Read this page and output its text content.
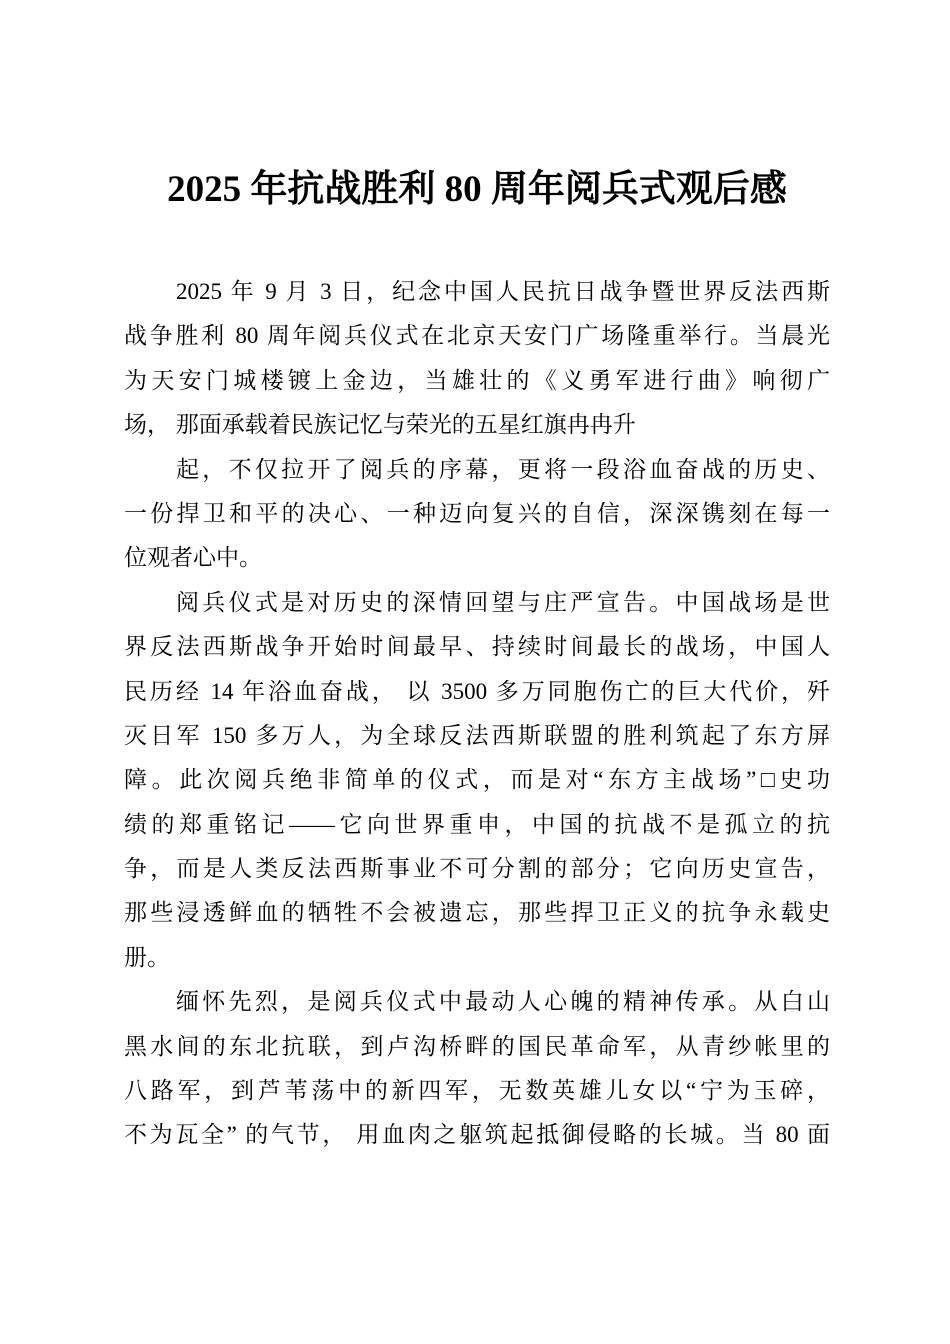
2025 年抗战胜利 80 周年阅兵式观后感
2025 年 9 月 3 日，纪念中国人民抗日战争暨世界反法西斯
战争胜利 80 周年阅兵仪式在北京天安门广场隆重举行。当晨光
为天安门城楼镀上金边，当雄壮的《义勇军进行曲》响彻广
场， 那面承载着民族记忆与荣光的五星红旗冉冉升
起，不仅拉开了阅兵的序幕，更将一段浴血奋战的历史、
一份捍卫和平的决心、一种迈向复兴的自信，深深镌刻在每一
位观者心中。
阅兵仪式是对历史的深情回望与庄严宣告。中国战场是世
界反法西斯战争开始时间最早、持续时间最长的战场，中国人
民历经 14 年浴血奋战， 以 3500 多万同胞伤亡的巨大代价，歼
灭日军 150 多万人，为全球反法西斯联盟的胜利筑起了东方屏
障。此次阅兵绝非简单的仪式，而是对“东方主战场”□史功
绩的郑重铭记——它向世界重申，中国的抗战不是孤立的抗
争，而是人类反法西斯事业不可分割的部分；它向历史宣告，
那些浸透鲜血的牺牲不会被遗忘，那些捍卫正义的抗争永载史
册。
缅怀先烈，是阅兵仪式中最动人心魄的精神传承。从白山
黑水间的东北抗联，到卢沟桥畔的国民革命军，从青纱帐里的
八路军，到芦苇荡中的新四军，无数英雄儿女以“宁为玉碎，
不为瓦全” 的气节， 用血肉之躯筑起抵御侵略的长城。当 80 面
